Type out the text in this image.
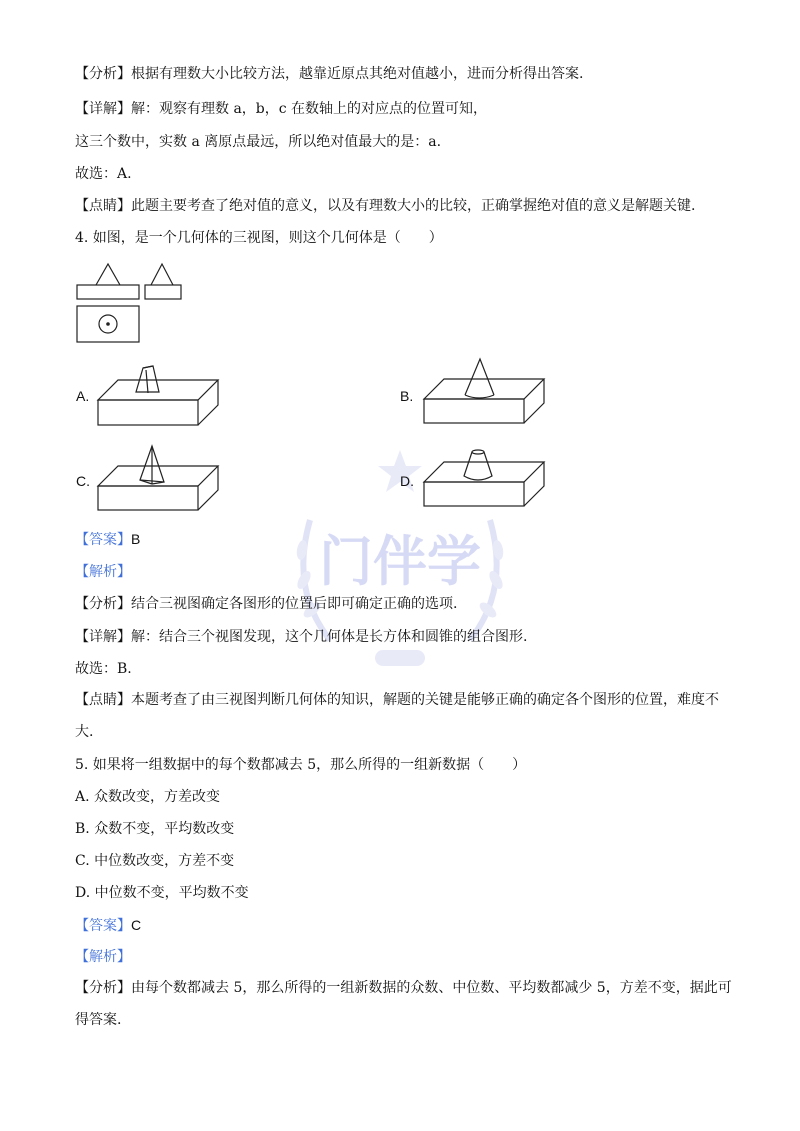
门伴学
【分析】根据有理数大小比较方法，越靠近原点其绝对值越小，进而分析得出答案.
【详解】解：观察有理数 a，b，c 在数轴上的对应点的位置可知，
这三个数中，实数 a 离原点最远，所以绝对值最大的是：a.
故选：A.
【点睛】此题主要考查了绝对值的意义，以及有理数大小的比较，正确掌握绝对值的意义是解题关键.
4. 如图，是一个几何体的三视图，则这个几何体是（　　）
A.	B.
C.	D.
【答案】B
【解析】
【分析】结合三视图确定各图形的位置后即可确定正确的选项.
【详解】解：结合三个视图发现，这个几何体是长方体和圆锥的组合图形.
故选：B.
【点睛】本题考查了由三视图判断几何体的知识，解题的关键是能够正确的确定各个图形的位置，难度不
大.
5. 如果将一组数据中的每个数都减去 5，那么所得的一组新数据（　　）
A. 众数改变，方差改变
B. 众数不变，平均数改变
C. 中位数改变，方差不变
D. 中位数不变，平均数不变
【答案】C
【解析】
【分析】由每个数都减去 5，那么所得的一组新数据的众数、中位数、平均数都减少 5，方差不变，据此可
得答案.
